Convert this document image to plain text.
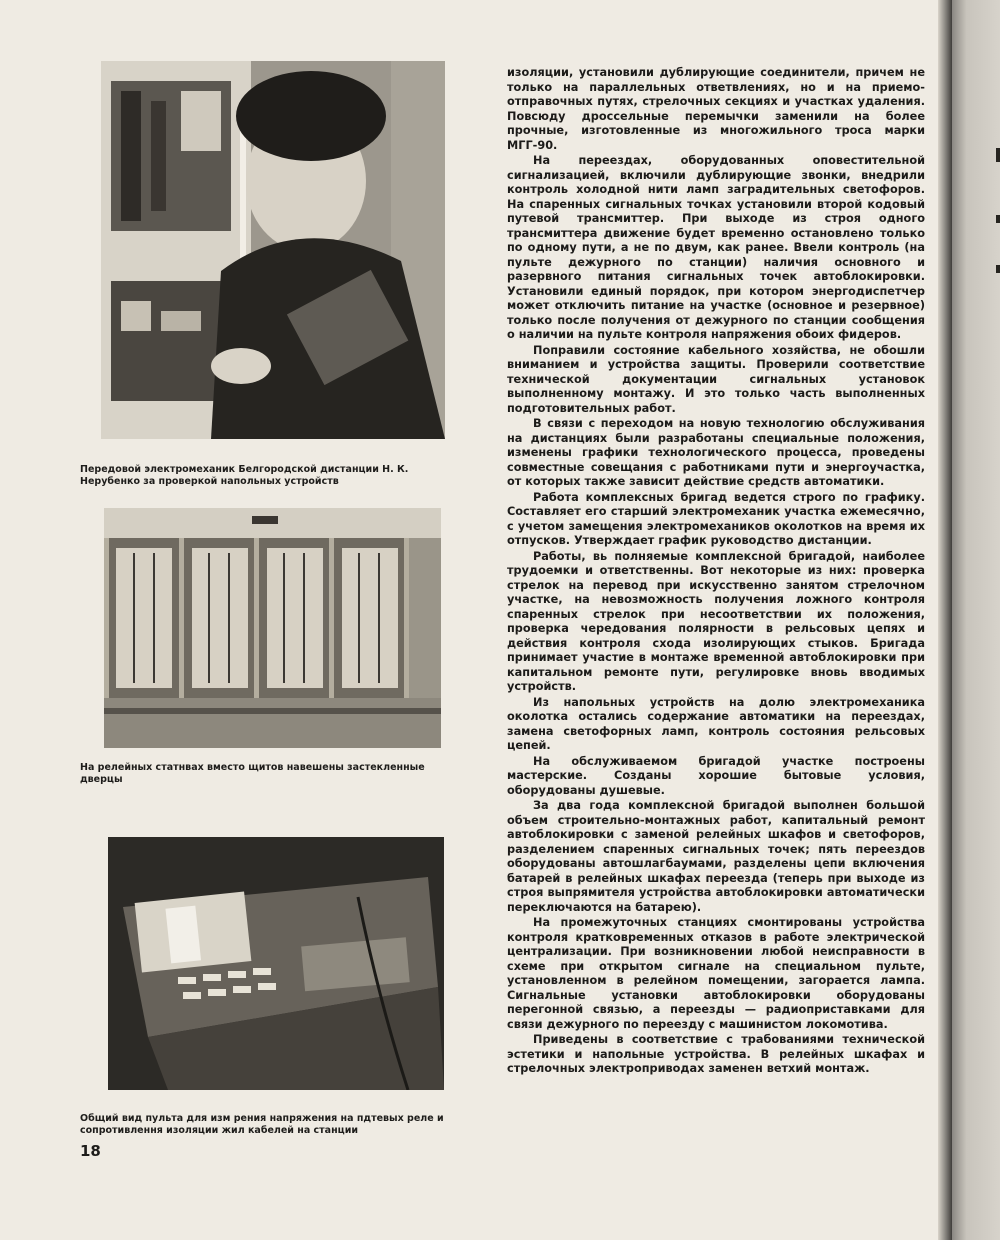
Передовой электромеханик Белгородской дистанции Н. К. Нерубенко за проверкой напольных устройств
На релейных статнвах вместо щитов навешены застекленные дверцы
Общий вид пульта для изм рения напряжения на пдтевых реле и сопротивлення изоляции жил кабелей на станции

изоляции, установили дублирующие соединители, причем не только на параллельных ответвлениях, но и на приемо-отправочных путях, стрелочных секциях и участках удаления. Повсюду дроссельные перемычки заменили на более прочные, изготовленные из многожильного троса марки МГГ-90.

На переездах, оборудованных оповестительной сигнализацией, включили дублирующие звонки, внедрили контроль холодной нити ламп заградительных светофоров. На спаренных сигнальных точках установили второй кодовый путевой трансмиттер. При выходе из строя одного трансмиттера движение будет временно остановлено только по одному пути, а не по двум, как ранее. Ввели контроль (на пульте дежурного по станции) наличия основного и разервного питания сигнальных точек автоблокировки. Установили единый порядок, при котором энергодиспетчер может отключить питание на участке (основное и резервное) только после получения от дежурного по станции сообщения о наличии на пульте контроля напряжения обоих фидеров.

Поправили состояние кабельного хозяйства, не обошли вниманием и устройства защиты. Проверили соответствие технической документации сигнальных установок выполненному монтажу. И это только часть выполненных подготовительных работ.

В связи с переходом на новую технологию обслуживания на дистанциях были разработаны специальные положения, изменены графики технологического процесса, проведены совместные совещания с работниками пути и энергоучастка, от которых также зависит действие средств автоматики.

Работа комплексных бригад ведется строго по графику. Составляет его старший электромеханик участка ежемесячно, с учетом замещения электромехаников околотков на время их отпусков. Утверждает график руководство дистанции.

Работы, вь полняемые комплексной бригадой, наиболее трудоемки и ответственны. Вот некоторые из них: проверка стрелок на перевод при искусственно занятом стрелочном участке, на невозможность получения ложного контроля спаренных стрелок при несоответствии их положения, проверка чередования полярности в рельсовых цепях и действия контроля схода изолирующих стыков. Бригада принимает участие в монтаже временной автоблокировки при капитальном ремонте пути, регулировке вновь вводимых устройств.

Из напольных устройств на долю электромеханика околотка остались содержание автоматики на переездах, замена светофорных ламп, контроль состояния рельсовых цепей.

На обслуживаемом бригадой участке построены мастерские. Созданы хорошие бытовые условия, оборудованы душевые.

За два года комплексной бригадой выполнен большой объем строительно-монтажных работ, капитальный ремонт автоблокировки с заменой релейных шкафов и светофоров, разделением спаренных сигнальных точек; пять переездов оборудованы автошлагбаумами, разделены цепи включения батарей в релейных шкафах переезда (теперь при выходе из строя выпрямителя устройства автоблокировки автоматически переключаются на батарею).

На промежуточных станциях смонтированы устройства контроля кратковременных отказов в работе электрической централизации. При возникновении любой неисправности в схеме при открытом сигнале на специальном пульте, установленном в релейном помещении, загорается лампа. Сигнальные установки автоблокировки оборудованы перегонной связью, а переезды — радиоприставками для связи дежурного по переезду с машинистом локомотива.

Приведены в соответствие с трабованиями технической эстетики и напольные устройства. В релейных шкафах и стрелочных электроприводах заменен ветхий монтаж.

18
